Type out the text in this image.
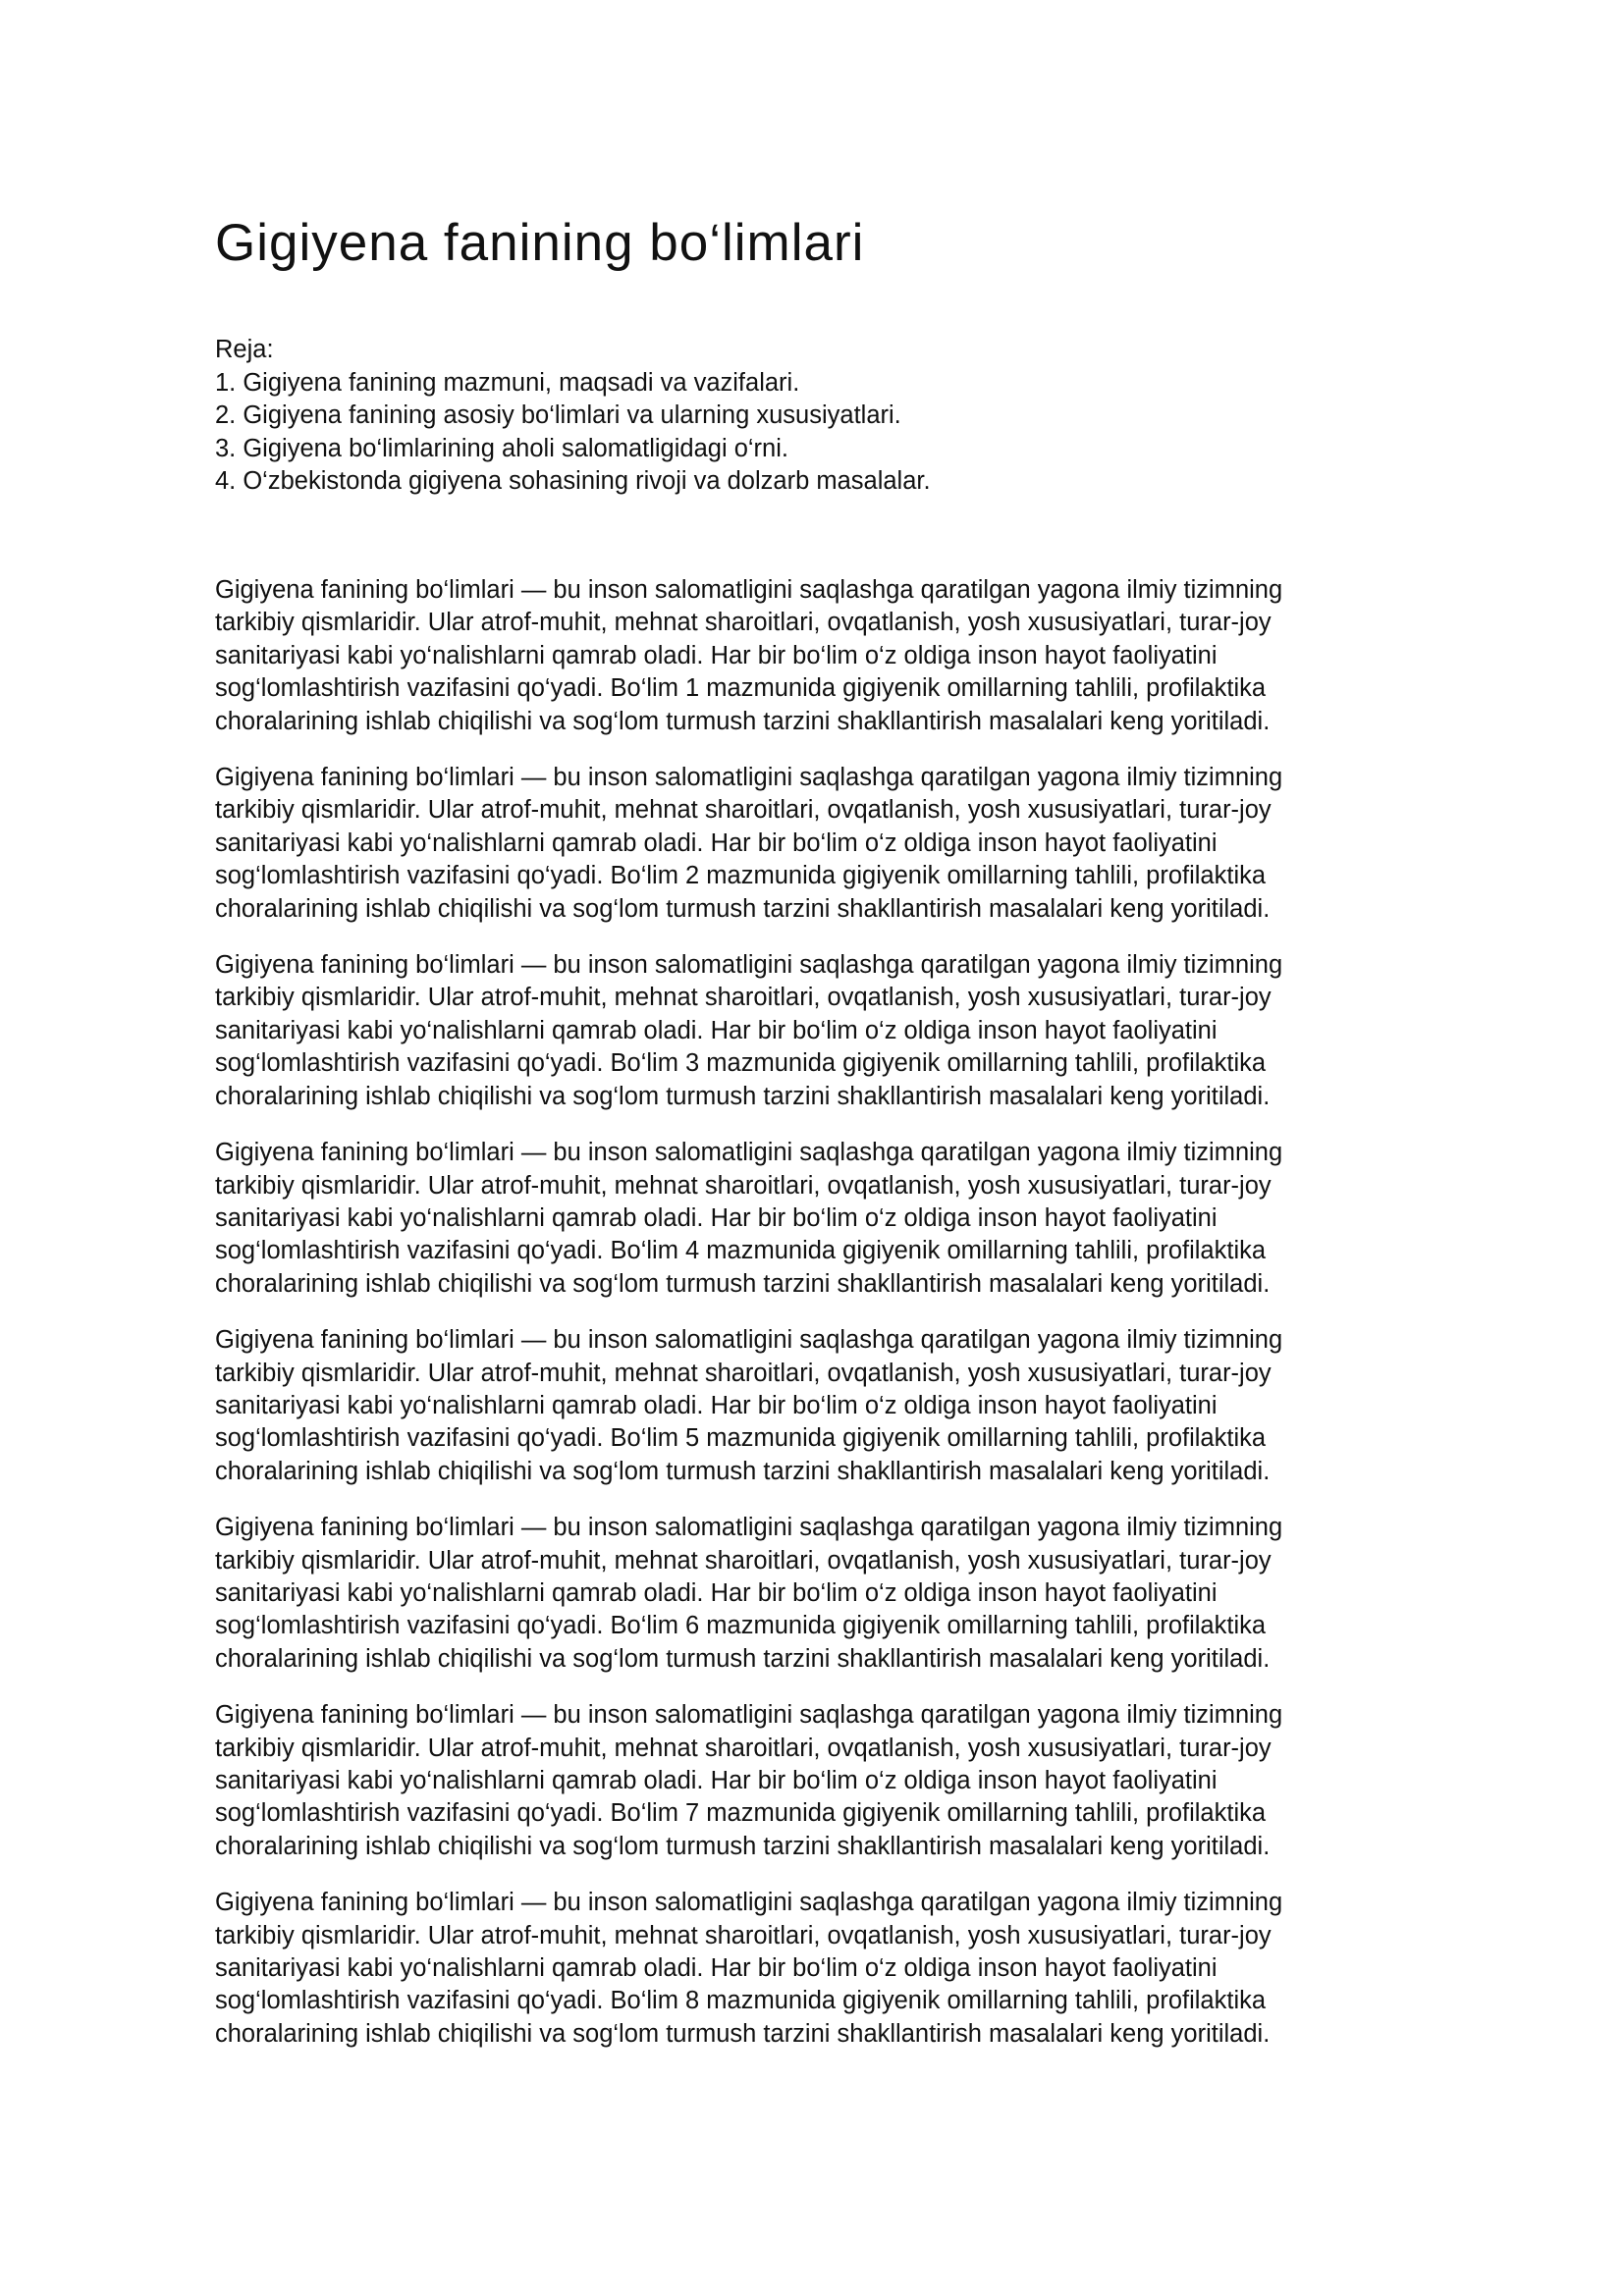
Gigiyena fanining bo‘limlari
Reja:
1. Gigiyena fanining mazmuni, maqsadi va vazifalari.
2. Gigiyena fanining asosiy bo‘limlari va ularning xususiyatlari.
3. Gigiyena bo‘limlarining aholi salomatligidagi o‘rni.
4. O‘zbekistonda gigiyena sohasining rivoji va dolzarb masalalar.

Gigiyena fanining bo‘limlari — bu inson salomatligini saqlashga qaratilgan yagona ilmiy tizimning
tarkibiy qismlaridir. Ular atrof-muhit, mehnat sharoitlari, ovqatlanish, yosh xususiyatlari, turar-joy
sanitariyasi kabi yo‘nalishlarni qamrab oladi. Har bir bo‘lim o‘z oldiga inson hayot faoliyatini
sog‘lomlashtirish vazifasini qo‘yadi. Bo‘lim 1 mazmunida gigiyenik omillarning tahlili, profilaktika
choralarining ishlab chiqilishi va sog‘lom turmush tarzini shakllantirish masalalari keng yoritiladi.

Gigiyena fanining bo‘limlari — bu inson salomatligini saqlashga qaratilgan yagona ilmiy tizimning
tarkibiy qismlaridir. Ular atrof-muhit, mehnat sharoitlari, ovqatlanish, yosh xususiyatlari, turar-joy
sanitariyasi kabi yo‘nalishlarni qamrab oladi. Har bir bo‘lim o‘z oldiga inson hayot faoliyatini
sog‘lomlashtirish vazifasini qo‘yadi. Bo‘lim 2 mazmunida gigiyenik omillarning tahlili, profilaktika
choralarining ishlab chiqilishi va sog‘lom turmush tarzini shakllantirish masalalari keng yoritiladi.

Gigiyena fanining bo‘limlari — bu inson salomatligini saqlashga qaratilgan yagona ilmiy tizimning
tarkibiy qismlaridir. Ular atrof-muhit, mehnat sharoitlari, ovqatlanish, yosh xususiyatlari, turar-joy
sanitariyasi kabi yo‘nalishlarni qamrab oladi. Har bir bo‘lim o‘z oldiga inson hayot faoliyatini
sog‘lomlashtirish vazifasini qo‘yadi. Bo‘lim 3 mazmunida gigiyenik omillarning tahlili, profilaktika
choralarining ishlab chiqilishi va sog‘lom turmush tarzini shakllantirish masalalari keng yoritiladi.

Gigiyena fanining bo‘limlari — bu inson salomatligini saqlashga qaratilgan yagona ilmiy tizimning
tarkibiy qismlaridir. Ular atrof-muhit, mehnat sharoitlari, ovqatlanish, yosh xususiyatlari, turar-joy
sanitariyasi kabi yo‘nalishlarni qamrab oladi. Har bir bo‘lim o‘z oldiga inson hayot faoliyatini
sog‘lomlashtirish vazifasini qo‘yadi. Bo‘lim 4 mazmunida gigiyenik omillarning tahlili, profilaktika
choralarining ishlab chiqilishi va sog‘lom turmush tarzini shakllantirish masalalari keng yoritiladi.

Gigiyena fanining bo‘limlari — bu inson salomatligini saqlashga qaratilgan yagona ilmiy tizimning
tarkibiy qismlaridir. Ular atrof-muhit, mehnat sharoitlari, ovqatlanish, yosh xususiyatlari, turar-joy
sanitariyasi kabi yo‘nalishlarni qamrab oladi. Har bir bo‘lim o‘z oldiga inson hayot faoliyatini
sog‘lomlashtirish vazifasini qo‘yadi. Bo‘lim 5 mazmunida gigiyenik omillarning tahlili, profilaktika
choralarining ishlab chiqilishi va sog‘lom turmush tarzini shakllantirish masalalari keng yoritiladi.

Gigiyena fanining bo‘limlari — bu inson salomatligini saqlashga qaratilgan yagona ilmiy tizimning
tarkibiy qismlaridir. Ular atrof-muhit, mehnat sharoitlari, ovqatlanish, yosh xususiyatlari, turar-joy
sanitariyasi kabi yo‘nalishlarni qamrab oladi. Har bir bo‘lim o‘z oldiga inson hayot faoliyatini
sog‘lomlashtirish vazifasini qo‘yadi. Bo‘lim 6 mazmunida gigiyenik omillarning tahlili, profilaktika
choralarining ishlab chiqilishi va sog‘lom turmush tarzini shakllantirish masalalari keng yoritiladi.

Gigiyena fanining bo‘limlari — bu inson salomatligini saqlashga qaratilgan yagona ilmiy tizimning
tarkibiy qismlaridir. Ular atrof-muhit, mehnat sharoitlari, ovqatlanish, yosh xususiyatlari, turar-joy
sanitariyasi kabi yo‘nalishlarni qamrab oladi. Har bir bo‘lim o‘z oldiga inson hayot faoliyatini
sog‘lomlashtirish vazifasini qo‘yadi. Bo‘lim 7 mazmunida gigiyenik omillarning tahlili, profilaktika
choralarining ishlab chiqilishi va sog‘lom turmush tarzini shakllantirish masalalari keng yoritiladi.

Gigiyena fanining bo‘limlari — bu inson salomatligini saqlashga qaratilgan yagona ilmiy tizimning
tarkibiy qismlaridir. Ular atrof-muhit, mehnat sharoitlari, ovqatlanish, yosh xususiyatlari, turar-joy
sanitariyasi kabi yo‘nalishlarni qamrab oladi. Har bir bo‘lim o‘z oldiga inson hayot faoliyatini
sog‘lomlashtirish vazifasini qo‘yadi. Bo‘lim 8 mazmunida gigiyenik omillarning tahlili, profilaktika
choralarining ishlab chiqilishi va sog‘lom turmush tarzini shakllantirish masalalari keng yoritiladi.
